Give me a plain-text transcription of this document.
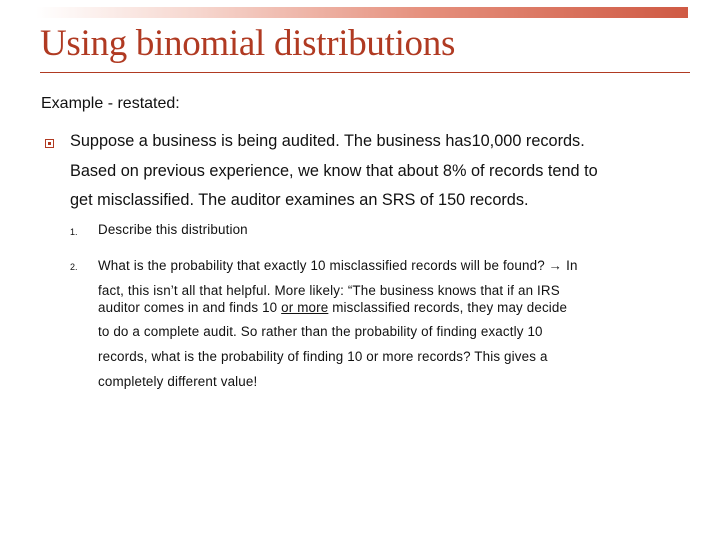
Using binomial distributions
Example - restated:
Suppose a business is being audited. The business has10,000 records.
Based on previous experience, we know that about 8% of records tend to
get misclassified. The auditor examines an SRS of 150 records.
1. Describe this distribution
2. What is the probability that exactly 10 misclassified records will be found? → In
fact, this isn’t all that helpful. More likely: “The business knows that if an IRS
auditor comes in and finds 10 or more misclassified records, they may decide
to do a complete audit. So rather than the probability of finding exactly 10
records, what is the probability of finding 10 or more records? This gives a
completely different value!
